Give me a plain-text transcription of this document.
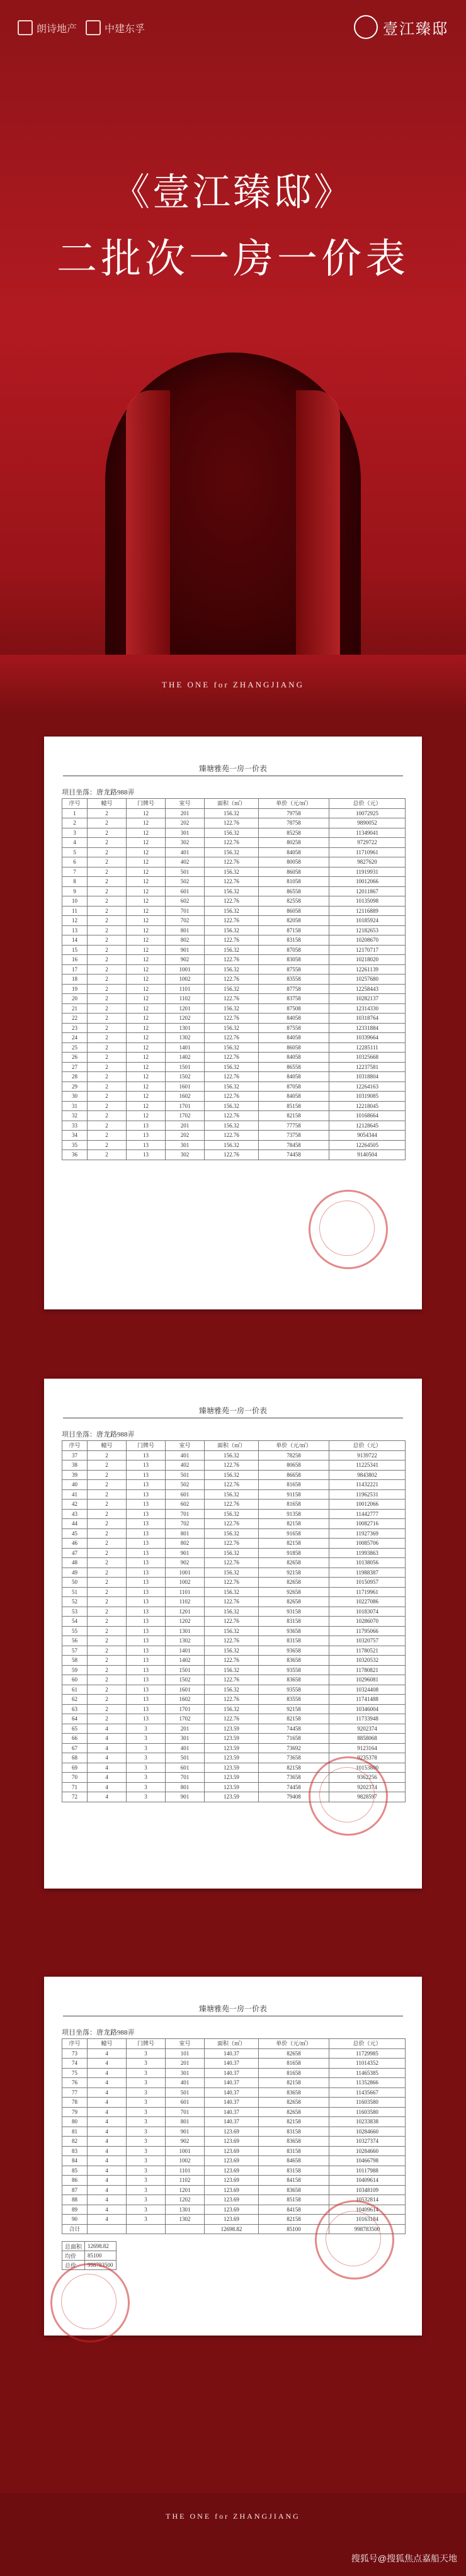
朗诗地产	中建东孚	壹江臻邸
《壹江臻邸》
二批次一房一价表
THE ONE for ZHANGJIANG
臻塘雅苑一房一价表
项目坐落：唐龙路988弄
序号	幢号	门牌号	室号	面积（㎡）	单价（元/㎡）	总价（元）
1	2	12	201	156.32	79758	10072925
2	2	12	202	122.76	78758	9890052
3	2	12	301	156.32	85258	11349041
4	2	12	302	122.76	80258	9729722
5	2	12	401	156.32	84058	11710961
6	2	12	402	122.76	80058	9827620
7	2	12	501	156.32	86058	11919931
8	2	12	502	122.76	81058	10012066
9	2	12	601	156.32	86558	12011867
10	2	12	602	122.76	82558	10135098
11	2	12	701	156.32	86058	12116889
12	2	12	702	122.76	82058	10185924
13	2	12	801	156.32	87158	12182653
14	2	12	802	122.76	83158	10208670
15	2	12	901	156.32	87058	12170717
16	2	12	902	122.76	83058	10218020
17	2	12	1001	156.32	87558	12261139
18	2	12	1002	122.76	83558	10257680
19	2	12	1101	156.32	87758	12258443
20	2	12	1102	122.76	83758	10282137
21	2	12	1201	156.32	87508	12314330
22	2	12	1202	122.76	84058	10318764
23	2	12	1301	156.32	87558	12331884
24	2	12	1302	122.76	84058	10339664
25	2	12	1401	156.32	86058	12285111
26	2	12	1402	122.76	84058	10325668
27	2	12	1501	156.32	86558	12237581
28	2	12	1502	122.76	84058	10318804
29	2	12	1601	156.32	87058	12264163
30	2	12	1602	122.76	84058	10319085
31	2	12	1701	156.32	85158	12218045
32	2	12	1702	122.76	82158	10168664
33	2	13	201	156.32	77758	12128645
34	2	13	202	122.76	73758	9054344
35	2	13	301	156.32	78458	12264505
36	2	13	302	122.76	74458	9140504
臻塘雅苑一房一价表
项目坐落：唐龙路988弄
序号	幢号	门牌号	室号	面积（㎡）	单价（元/㎡）	总价（元）
37	2	13	401	156.32	78258	9139722
38	2	13	402	122.76	80658	11225341
39	2	13	501	156.32	86658	9843802
40	2	13	502	122.76	81658	11432221
41	2	13	601	156.32	91158	11962531
42	2	13	602	122.76	81658	10012066
43	2	13	701	156.32	91358	11442777
44	2	13	702	122.76	82158	10082716
45	2	13	801	156.32	91658	11927369
46	2	13	802	122.76	82158	10085706
47	2	13	901	156.32	91858	11993863
48	2	13	902	122.76	82658	10138056
49	2	13	1001	156.32	92158	11988387
50	2	13	1002	122.76	82658	10150957
51	2	13	1101	156.32	92658	11719961
52	2	13	1102	122.76	82658	10227086
53	2	13	1201	156.32	93158	10183074
54	2	13	1202	122.76	83158	10286070
55	2	13	1301	156.32	93658	11795066
56	2	13	1302	122.76	83158	10320757
57	2	13	1401	156.32	93658	11780521
58	2	13	1402	122.76	83658	10320532
59	2	13	1501	156.32	93558	11780821
60	2	13	1502	122.76	83658	10296081
61	2	13	1601	156.32	93558	10324408
62	2	13	1602	122.76	83558	11741488
63	2	13	1701	156.32	92158	10346004
64	2	13	1702	122.76	82158	11733948
65	4	3	201	123.59	74458	9202374
66	4	3	301	123.59	71658	8858068
67	4	3	401	123.59	73692	9123164
68	4	3	501	123.59	73658	9235378
69	4	3	601	123.59	82158	10153800
70	4	3	701	123.59	73658	9362256
71	4	3	801	123.59	74458	9202374
72	4	3	901	123.59	79408	9828597
臻塘雅苑一房一价表
项目坐落：唐龙路988弄
序号	幢号	门牌号	室号	面积（㎡）	单价（元/㎡）	总价（元）
73	4	3	101	140.37	82658	11729985
74	4	3	201	140.37	81658	11014352
75	4	3	301	140.37	81658	11465385
76	4	3	401	140.37	82158	11352866
77	4	3	501	140.37	83658	11435667
78	4	3	601	140.37	82658	11603580
79	4	3	701	140.37	82658	11603580
80	4	3	801	140.37	82158	10233838
81	4	3	901	123.69	83158	10284660
82	4	3	902	123.69	83658	10327374
83	4	3	1001	123.69	83158	10284660
84	4	3	1002	123.69	84658	10466798
85	4	3	1101	123.69	83158	10117988
86	4	3	1102	123.69	84158	10409614
87	4	3	1201	123.69	83658	10348109
88	4	3	1202	123.69	85158	10532814
89	4	3	1301	123.69	84158	10409614
90	4	3	1302	123.69	82158	10163184
合计				12698.82	85100	998783500
总面积	12698.82
均价	85100
总价	998783500
THE ONE for ZHANGJIANG
搜狐号@搜狐焦点嘉船天地
